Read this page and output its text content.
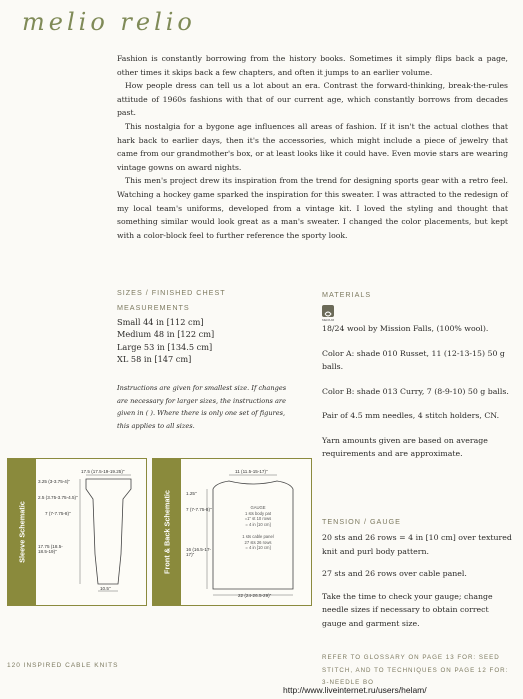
melio relio

Fashion is constantly borrowing from the history books. Sometimes it simply flips back a page, other times it skips back a few chapters, and often it jumps to an earlier volume.

How people dress can tell us a lot about an era. Contrast the forward-thinking, break-the-rules attitude of 1960s fashions with that of our current age, which constantly borrows from decades past.

This nostalgia for a bygone age influences all areas of fashion. If it isn't the actual clothes that hark back to earlier days, then it's the accessories, which might include a piece of jewelry that came from our grandmother's box, or at least looks like it could have. Even movie stars are wearing vintage gowns on award nights.

This men's project drew its inspiration from the trend for designing sports gear with a retro feel. Watching a hockey game sparked the inspiration for this sweater. I was attracted to the redesign of my local team's uniforms, developed from a vintage kit. I loved the styling and thought that something similar would look great as a man's sweater. I changed the color placements, but kept with a color-block feel to further reference the sporty look.

SIZES / FINISHED CHEST
MEASUREMENTS
Small 44 in [112 cm]
Medium 48 in [122 cm]
Large 53 in [134.5 cm]
XL 58 in [147 cm]
Instructions are given for smallest size. If changes are necessary for larger sizes, the instructions are given in ( ). Where there is only one set of figures, this applies to all sizes.
MATERIALS
MEDIUM

18/24 wool by Mission Falls, (100% wool).

Color A: shade 010 Russet, 11 (12-13-15) 50 g balls.

Color B: shade 013 Curry, 7 (8-9-10) 50 g balls.

Pair of 4.5 mm needles, 4 stitch holders, CN.

Yarn amounts given are based on average requirements and are approximate.

TENSION / GAUGE

20 sts and 26 rows = 4 in [10 cm] over textured knit and purl body pattern.

27 sts and 26 rows over cable panel.

Take the time to check your gauge; change needle sizes if necessary to obtain correct gauge and garment size.

REFER TO GLOSSARY ON PAGE 13 FOR: SEED STITCH, AND TO TECHNIQUES ON PAGE 12 FOR: 3-NEEDLE BO
Sleeve Schematic
17.5 (17.5-19-19.25)"
3.25 (3-3.75-4)"
2.5 (3.75-3.75-4.5)"
7 (7-7.75-8)"
17.75 (18.5-18.5-19)"
10.5"
Front & Back Schematic
11 (11.5-15-17)"
1.25"
7 (7-7.75-8)"
16 (16.5-17-17)"
22 (24-26.5-29)"
GAUGE
1 sts body pat
=1" st 10 rows
= 4 in [10 cm]
1 sts cable panel
27 sts 26 rows
= 4 in [10 cm]
120 INSPIRED CABLE KNITS
http://www.liveinternet.ru/users/helam/
